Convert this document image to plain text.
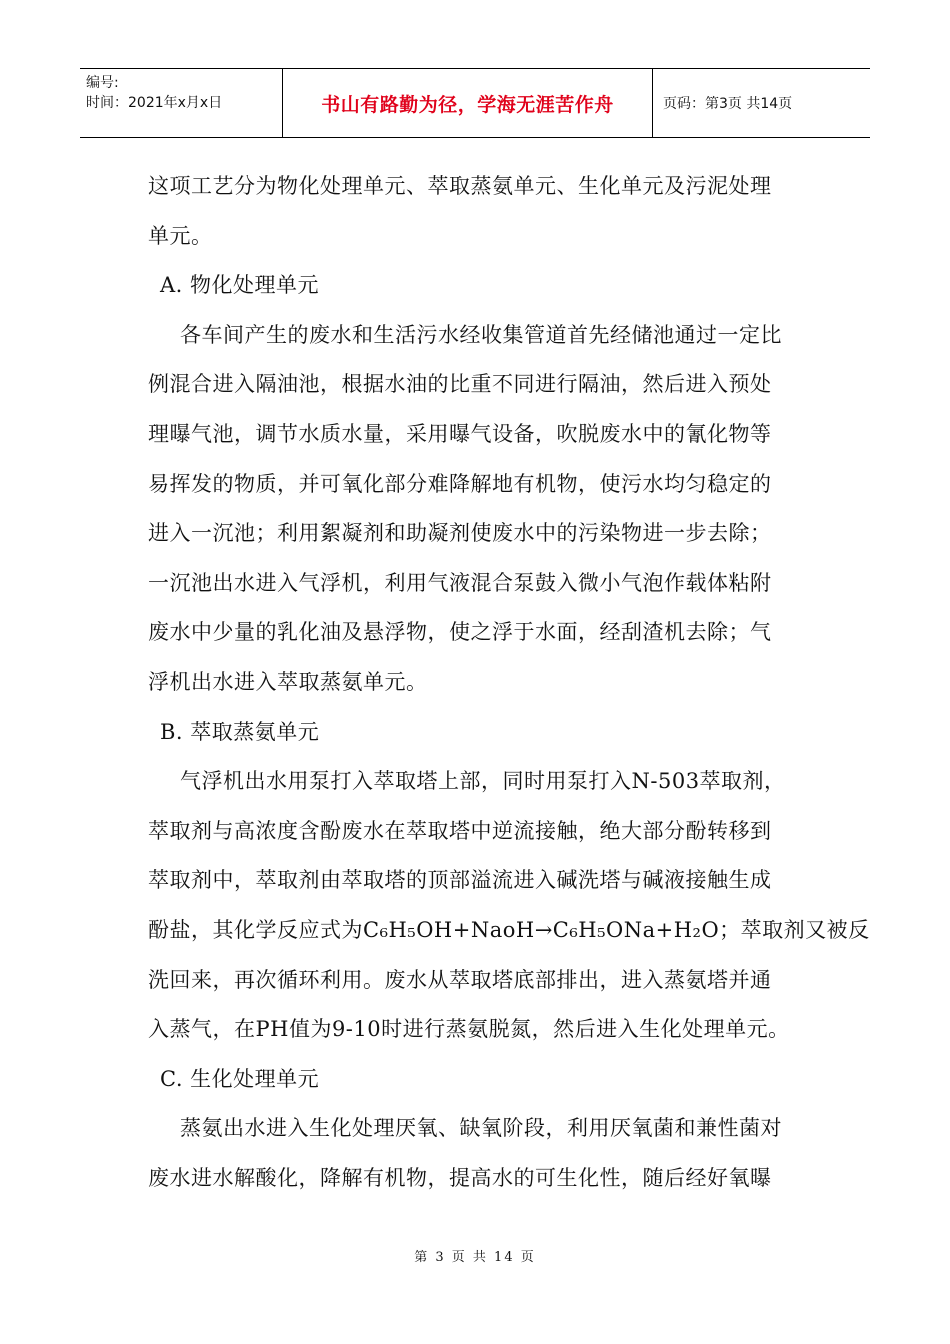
编号:
时间：2021年x月x日	书山有路勤为径，学海无涯苦作舟	页码：第3页 共14页
这项工艺分为物化处理单元、萃取蒸氨单元、生化单元及污泥处理
单元。
A. 物化处理单元
各车间产生的废水和生活污水经收集管道首先经储池通过一定比
例混合进入隔油池，根据水油的比重不同进行隔油，然后进入预处
理曝气池，调节水质水量，采用曝气设备，吹脱废水中的氰化物等
易挥发的物质，并可氧化部分难降解地有机物，使污水均匀稳定的
进入一沉池；利用絮凝剂和助凝剂使废水中的污染物进一步去除；
一沉池出水进入气浮机，利用气液混合泵鼓入微小气泡作载体粘附
废水中少量的乳化油及悬浮物，使之浮于水面，经刮渣机去除；气
浮机出水进入萃取蒸氨单元。
B. 萃取蒸氨单元
气浮机出水用泵打入萃取塔上部，同时用泵打入N-503萃取剂，
萃取剂与高浓度含酚废水在萃取塔中逆流接触，绝大部分酚转移到
萃取剂中，萃取剂由萃取塔的顶部溢流进入碱洗塔与碱液接触生成
酚盐，其化学反应式为C₆H₅OH+NaoH→C₆H₅ONa+H₂O；萃取剂又被反
洗回来，再次循环利用。废水从萃取塔底部排出，进入蒸氨塔并通
入蒸气，在PH值为9-10时进行蒸氨脱氮，然后进入生化处理单元。
C. 生化处理单元
蒸氨出水进入生化处理厌氧、缺氧阶段，利用厌氧菌和兼性菌对
废水进水解酸化，降解有机物，提高水的可生化性，随后经好氧曝
第 3 页 共 14 页
